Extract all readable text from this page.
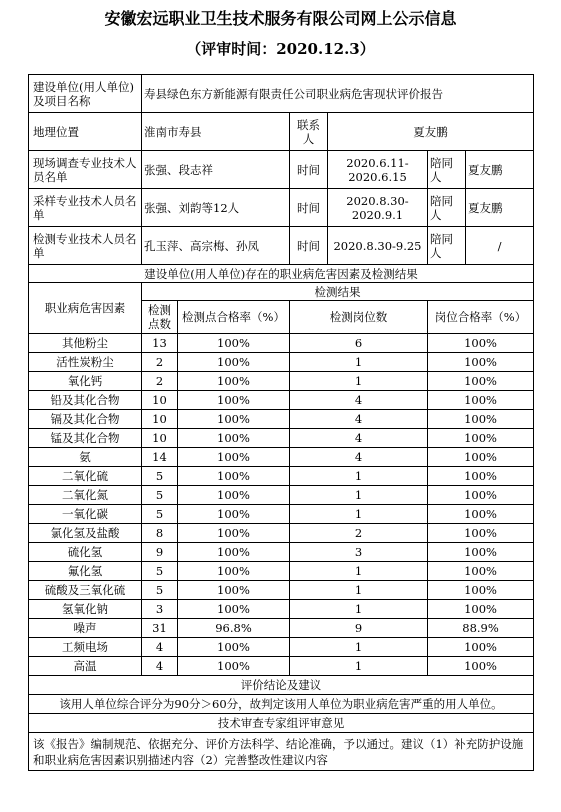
安徽宏远职业卫生技术服务有限公司网上公示信息
（评审时间：2020.12.3）
建设单位(用人单位)及项目名称	寿县绿色东方新能源有限责任公司职业病危害现状评价报告					
地理位置	淮南市寿县		联系人	夏友鹏		
现场调查专业技术人员名单	张强、段志祥		时间	2020.6.11-2020.6.15	陪同人	夏友鹏
采样专业技术人员名单	张强、刘韵等12人		时间	2020.8.30-2020.9.1	陪同人	夏友鹏
检测专业技术人员名单	孔玉萍、高宗梅、孙凤		时间	2020.8.30-9.25	陪同人	/
建设单位(用人单位)存在的职业病危害因素及检测结果						
职业病危害因素	检测结果					
	检测点数	检测点合格率（%）	检测岗位数		岗位合格率（%）	
其他粉尘	13	100%	6		100%	
活性炭粉尘	2	100%	1		100%	
氧化钙	2	100%	1		100%	
铅及其化合物	10	100%	4		100%	
镉及其化合物	10	100%	4		100%	
锰及其化合物	10	100%	4		100%	
氨	14	100%	4		100%	
二氧化硫	5	100%	1		100%	
二氧化氮	5	100%	1		100%	
一氧化碳	5	100%	1		100%	
氯化氢及盐酸	8	100%	2		100%	
硫化氢	9	100%	3		100%	
氟化氢	5	100%	1		100%	
硫酸及三氧化硫	5	100%	1		100%	
氢氧化钠	3	100%	1		100%	
噪声	31	96.8%	9		88.9%	
工频电场	4	100%	1		100%	
高温	4	100%	1		100%	
评价结论及建议						
该用人单位综合评分为90分＞60分，故判定该用人单位为职业病危害严重的用人单位。						
技术审查专家组评审意见						
该《报告》编制规范、依据充分、评价方法科学、结论准确，予以通过。建议（1）补充防护设施和职业病危害因素识别描述内容（2）完善整改性建议内容						
